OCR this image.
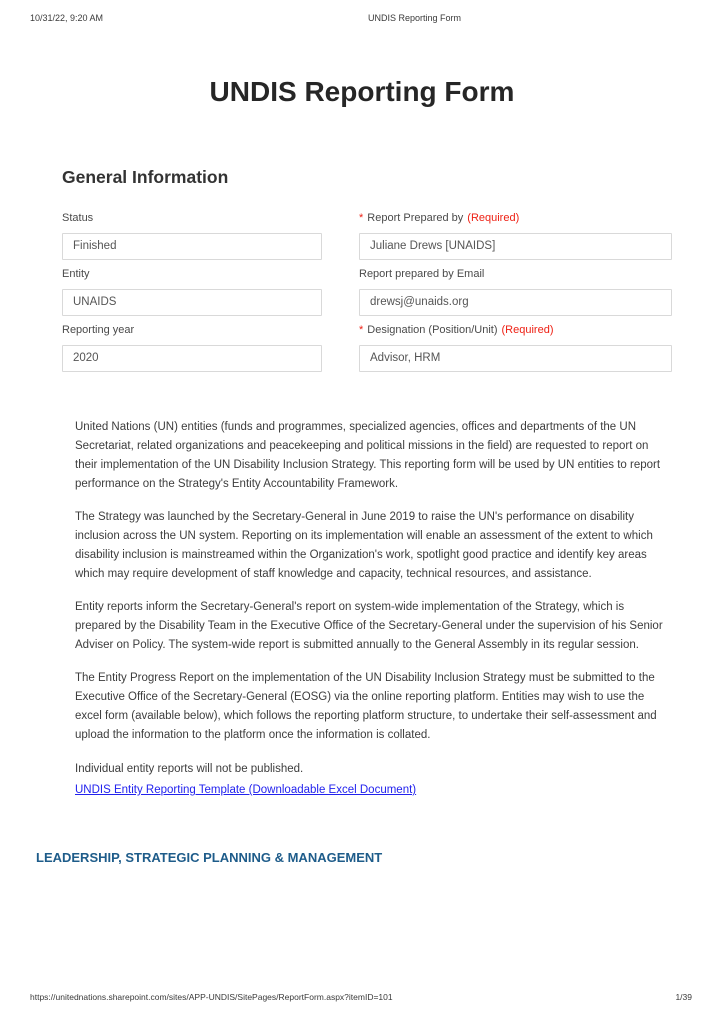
10/31/22, 9:20 AM	UNDIS Reporting Form
UNDIS Reporting Form
General Information
Status
Finished
* Report Prepared by (Required)
Juliane Drews [UNAIDS]
Entity
UNAIDS
Report prepared by Email
drewsj@unaids.org
Reporting year
2020
* Designation (Position/Unit) (Required)
Advisor, HRM

United Nations (UN) entities (funds and programmes, specialized agencies, offices and departments of the UN Secretariat, related organizations and peacekeeping and political missions in the field) are requested to report on their implementation of the UN Disability Inclusion Strategy. This reporting form will be used by UN entities to report performance on the Strategy's Entity Accountability Framework.

The Strategy was launched by the Secretary-General in June 2019 to raise the UN's performance on disability inclusion across the UN system. Reporting on its implementation will enable an assessment of the extent to which disability inclusion is mainstreamed within the Organization's work, spotlight good practice and identify key areas which may require development of staff knowledge and capacity, technical resources, and assistance.

Entity reports inform the Secretary-General's report on system-wide implementation of the Strategy, which is prepared by the Disability Team in the Executive Office of the Secretary-General under the supervision of his Senior Adviser on Policy. The system-wide report is submitted annually to the General Assembly in its regular session.

The Entity Progress Report on the implementation of the UN Disability Inclusion Strategy must be submitted to the Executive Office of the Secretary-General (EOSG) via the online reporting platform. Entities may wish to use the excel form (available below), which follows the reporting platform structure, to undertake their self-assessment and upload the information to the platform once the information is collated.

Individual entity reports will not be published.
UNDIS Entity Reporting Template (Downloadable Excel Document)

LEADERSHIP, STRATEGIC PLANNING & MANAGEMENT
https://unitednations.sharepoint.com/sites/APP-UNDIS/SitePages/ReportForm.aspx?itemID=101	1/39
